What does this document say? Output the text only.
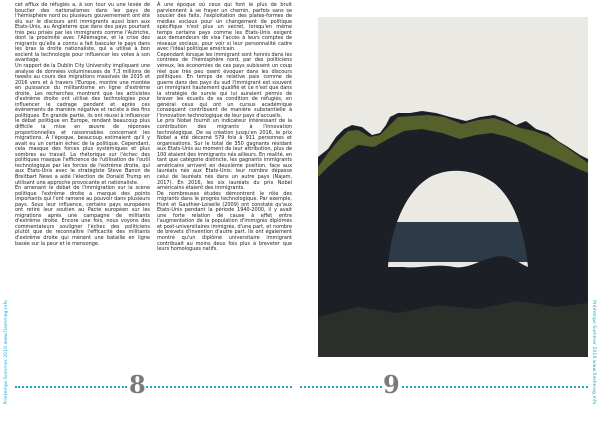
Printemps-Summer 2019 www.flashmag.info

cet afflux de réfugiés a, à son tour vu une levée de bouclier des nationalismes dans les pays de l'hémisphère nord ou plusieurs gouvernement ont été élu sur le discours anti immigrants aussi bien aux Etats-Unis, au Angleterre que dans des pays pourtant très peu prisés par les immigrants comme l'Autriche, dont la proximité avec l'Allemagne, et la crise des migrants qu'elle a connu a fait basculer le pays dans les bras la droite nationaliste, qui a utilisé à bon escient la technologie pour influencer les votes à son avantage.

Un rapport de la Dublin City University impliquant une analyse de données volumineuses de 7,3 millions de tweets au cours des migrations massives de 2015 et 2016 vers et à travers l'Europe, montre une montée en puissance du militantisme en ligne d'extrême droite. Les recherches montrent que les activistes d'extrême droite ont utilisé des technologies pour influencer le cadrage pendant et après ces événements de manière négative et raciste à des fins politiques. En grande partie, ils ont réussi à influencer le débat politique en Europe, rendant beaucoup plus difficile la mise en œuvre de réponses proportionnelles et raisonnables concernant les migrations. À l'époque, beaucoup estimaient qu'il y avait eu un certain échec de la politique. Cependant, cela masque des forces plus systémiques et plus sombres au travail. La rhétorique sur l'échec des politiques masque l'efficience de l'utilisation de l'outil technologique par les forces de l'extrême droite, qui aux Etats-Unis avec le stratégiste Steve Banon de Breitbart News a aidé l'élection de Donald Trump en utilisant une approche provocante et nationaliste.

En amenant le débat de l'immigration sur la scène politique l'extrême droite a marqué des points importants qui l'ont ramené au pouvoir dans plusieurs pays. Sous leur influence, certains pays européens ont retiré leur soutien au Pacte européen sur les migrations après une campagne de militants d'extrême droite. Encore une fois, nous voyons des commentateurs souligner l'échec des politiciens plutôt que de reconnaître l'efficacité des militants d'extrême droite qui mènent une bataille en ligne basée sur la peur et le mensonge.

À une époque où ceux qui font le plus de bruit parviennent à se frayer un chemin, parfois sans se soucier des faits, l'exploitation des plates-formes de médias sociaux pour un changement de politique spécifique n'est plus un secret, lorsqu'en même temps certains pays comme les Etats-Unis exigent aux demandeurs de visa l'accès à leurs comptes de réseaux sociaux, pour voir si leur personnalité cadre avec l'idéal politique américain.

Cependant lorsque les immigrant sont honnis dans les contrées de l'hémisphère nord, par des politiciens véreux, les économies de ces pays subissent un coup réel que très peu osent évoquer dans les discours politiques. En temps de relative paix comme de guerre dans des pays du sud l'immigrant est souvent un immigrant hautement qualifié et ce n'est que dans la stratégie de survie qui lui auraient permis de braver les écueils de sa condition de réfugiés, en général ceux qui ont un cursus académique conséquent contribuent de manière substantielle à l'innovation technologique de leur pays d'accueils.

Le prix Nobel fournit un indicateur intéressant de la contribution des migrants à l'innovation technologique. De sa création jusqu'en 2016, le prix Nobel a été décerné 579 fois à 911 personnes et organisations. Sur le total de 350 gagnants résidant aux Etats-Unis au moment de leur attribution, plus de 100 étaient des immigrants nés ailleurs. En réalité, en tant que catégorie distincte, les gagnants immigrants américains arrivent en deuxième position, face aux lauréats nés aux Etats-Unis: leur nombre dépasse celui de lauréats nés dans un autre pays (Najam, 2017). En 2016, les six lauréats du prix Nobel américains étaient des immigrants.

De nombreuses études démontrent le rôle des migrants dans le progrès technologique. Par exemple, Hunt et Gauthier-Loiselle (2009) ont constaté qu'aux Etats-Unis pendant la période 1940-2000, il y avait une forte relation de cause à effet entre l'augmentation de la population d'immigrés diplômés et post-universitaires immigrés, d'une part, et nombre de brevets d'invention d'autre part. Ils ont également montré qu'un diplômé universitaire immigrant contribuait au moins deux fois plus à breveter que leurs homologues natifs.

8	Printemps-Summer 2019 www.flashmag.info
9
